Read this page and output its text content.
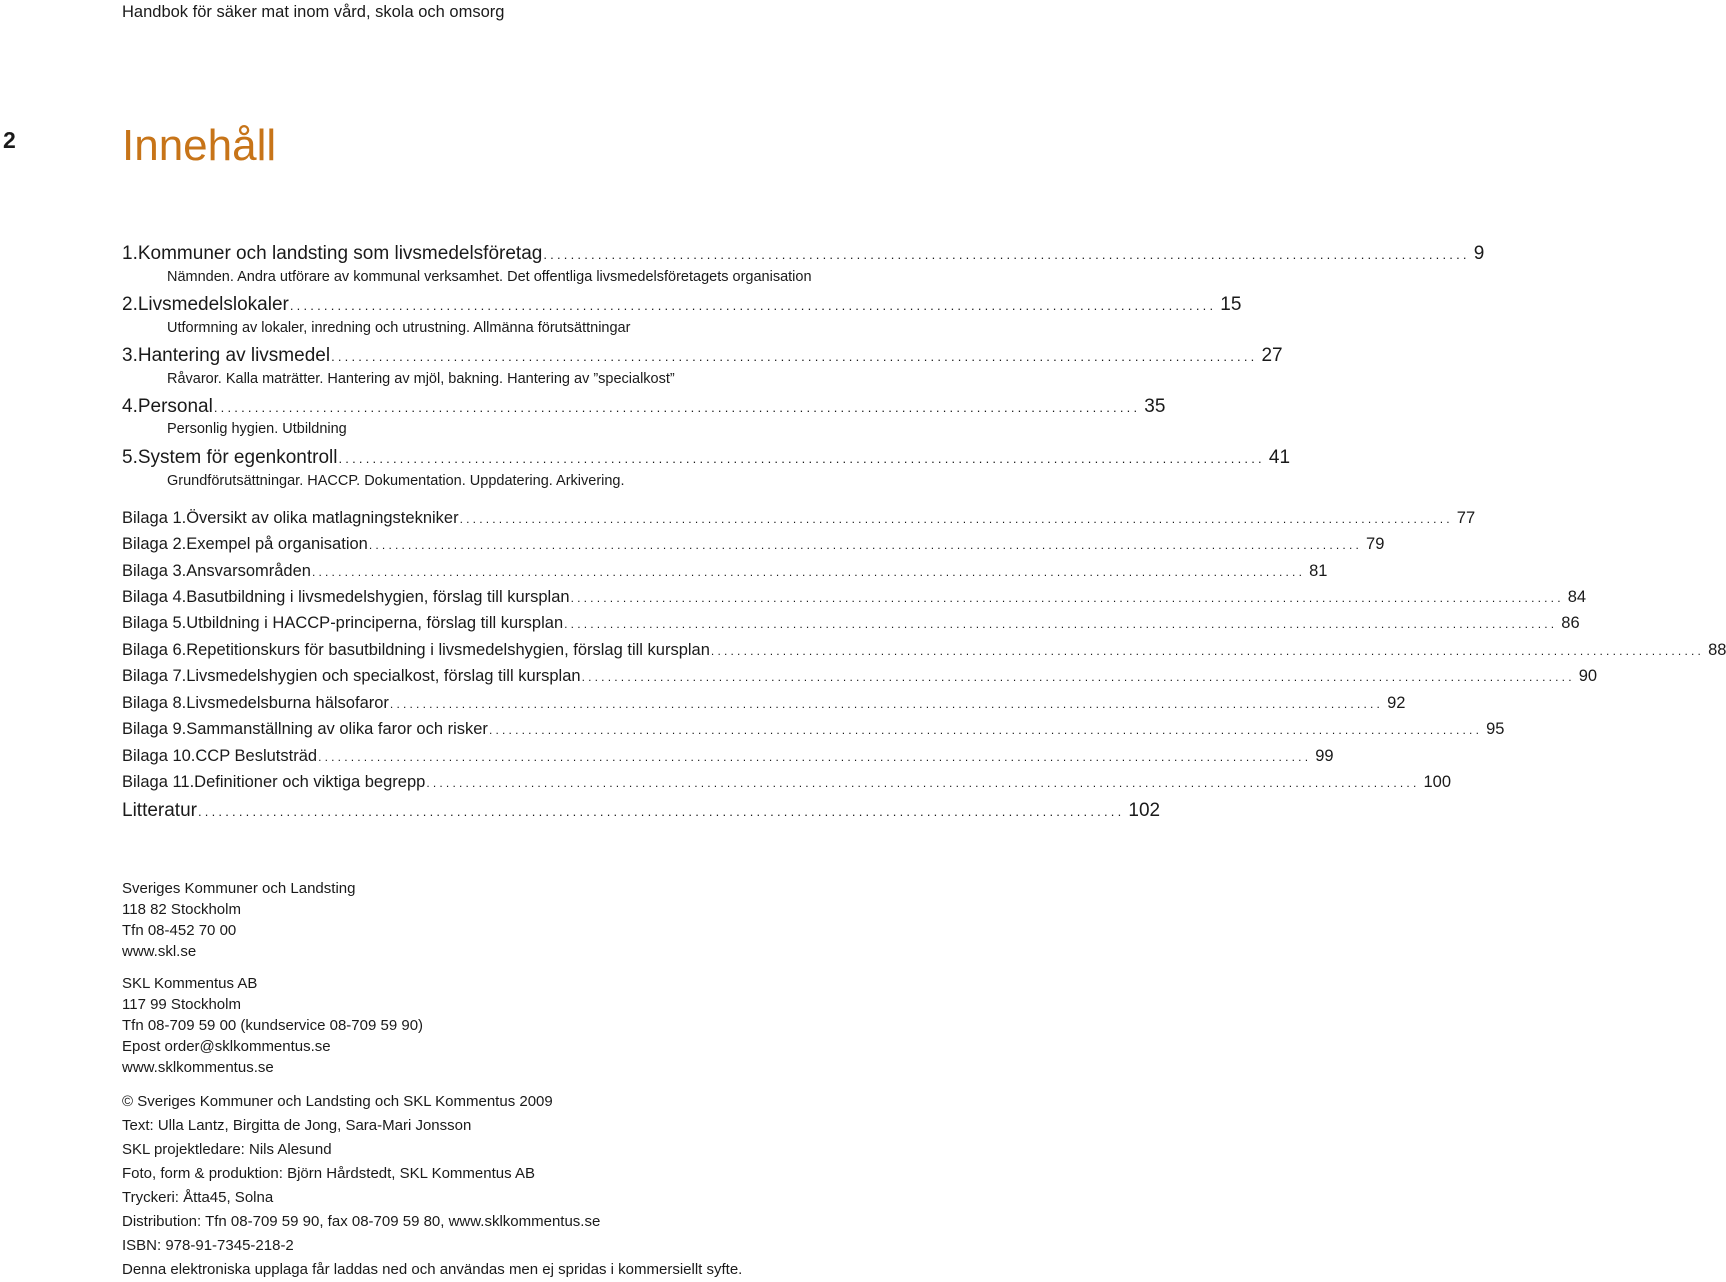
Handbok för säker mat inom vård, skola och omsorg
2 Innehåll
1. Kommuner och landsting som livsmedelsföretag ........................................................................................................................................ 9
Nämnden. Andra utförare av kommunal verksamhet. Det offentliga livsmedelsföretagets organisation
2. Livsmedelslokaler ........................................................................................................................................ 15
Utformning av lokaler, inredning och utrustning. Allmänna förutsättningar
3. Hantering av livsmedel ........................................................................................................................................ 27
Råvaror. Kalla maträtter. Hantering av mjöl, bakning. Hantering av ”specialkost”
4. Personal ........................................................................................................................................ 35
Personlig hygien. Utbildning
5. System för egenkontroll ........................................................................................................................................ 41
Grundförutsättningar. HACCP. Dokumentation. Uppdatering. Arkivering.
Bilaga 1. Översikt av olika matlagningstekniker ........................................................................................................................................................ 77
Bilaga 2. Exempel på organisation ........................................................................................................................................................ 79
Bilaga 3. Ansvarsområden ........................................................................................................................................................ 81
Bilaga 4. Basutbildning i livsmedelshygien, förslag till kursplan ........................................................................................................................................................ 84
Bilaga 5. Utbildning i HACCP-principerna, förslag till kursplan ........................................................................................................................................................ 86
Bilaga 6. Repetitionskurs för basutbildning i livsmedelshygien, förslag till kursplan ........................................................................................................................................................ 88
Bilaga 7. Livsmedelshygien och specialkost, förslag till kursplan ........................................................................................................................................................ 90
Bilaga 8. Livsmedelsburna hälsofaror ........................................................................................................................................................ 92
Bilaga 9. Sammanställning av olika faror och risker ........................................................................................................................................................ 95
Bilaga 10. CCP Beslutsträd ........................................................................................................................................................ 99
Bilaga 11. Definitioner och viktiga begrepp ........................................................................................................................................................ 100
Litteratur ........................................................................................................................................ 102
Sveriges Kommuner och Landsting
118 82 Stockholm
Tfn 08-452 70 00
www.skl.se
SKL Kommentus AB
117 99 Stockholm
Tfn 08-709 59 00 (kundservice 08-709 59 90)
Epost order@sklkommentus.se
www.sklkommentus.se
© Sveriges Kommuner och Landsting och SKL Kommentus 2009
Text: Ulla Lantz, Birgitta de Jong, Sara-Mari Jonsson
SKL projektledare: Nils Alesund
Foto, form & produktion: Björn Hårdstedt, SKL Kommentus AB
Tryckeri: Åtta45, Solna
Distribution: Tfn 08-709 59 90, fax 08-709 59 80, www.sklkommentus.se
ISBN: 978-91-7345-218-2
Denna elektroniska upplaga får laddas ned och användas men ej spridas i kommersiellt syfte.
